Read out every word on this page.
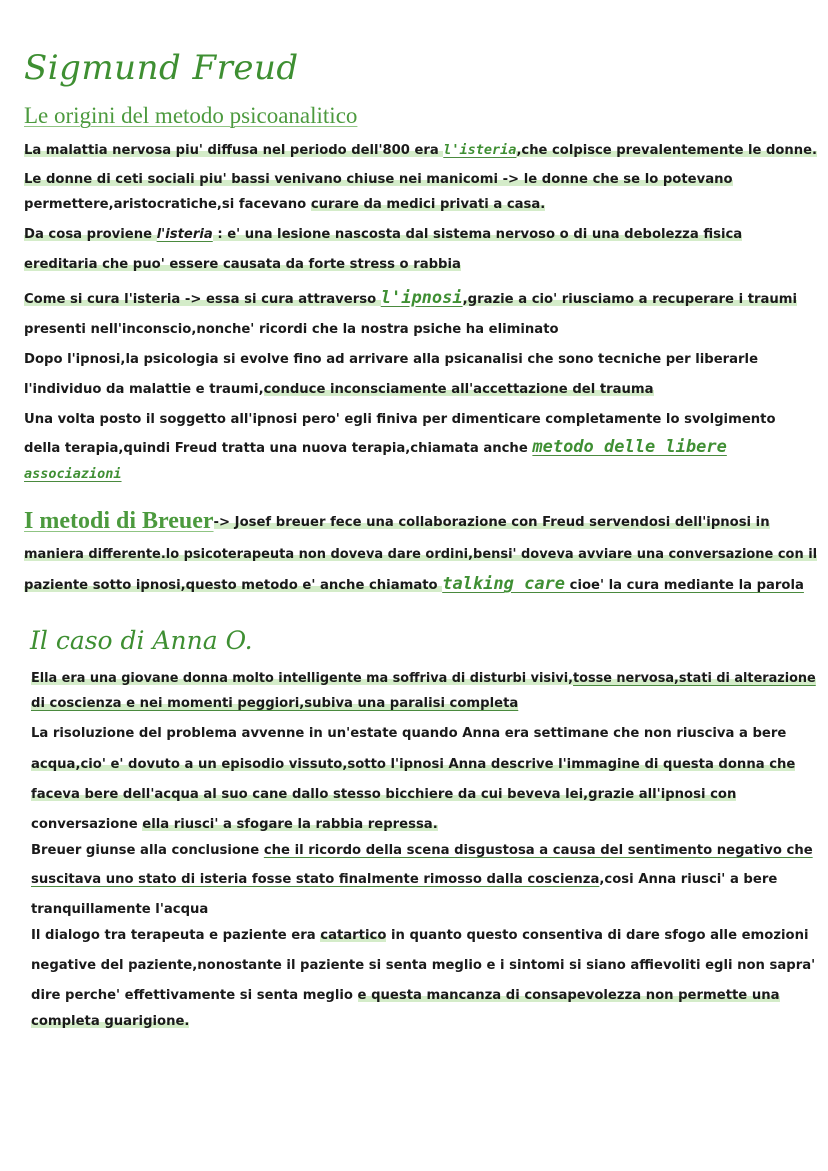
Sigmund Freud
Le origini del metodo psicoanalitico
La malattia nervosa piu' diffusa nel periodo dell'800 era l'isteria,che colpisce prevalentemente le donne.
Le donne di ceti sociali piu' bassi venivano chiuse nei manicomi -> le donne che se lo potevano
permettere,aristocratiche,si facevano curare da medici privati a casa.
Da cosa proviene l'isteria : e' una lesione nascosta dal sistema nervoso o di una debolezza fisica
ereditaria che puo' essere causata da forte stress o rabbia
Come si cura l'isteria -> essa si cura attraverso l'ipnosi,grazie a cio' riusciamo a recuperare i traumi
presenti nell'inconscio,nonche' ricordi che la nostra psiche ha eliminato
Dopo l'ipnosi,la psicologia si evolve fino ad arrivare alla psicanalisi che sono tecniche per liberarle
l'individuo da malattie e traumi,conduce inconsciamente all'accettazione del trauma
Una volta posto il soggetto all'ipnosi pero' egli finiva per dimenticare completamente lo svolgimento
della terapia,quindi Freud tratta una nuova terapia,chiamata anche metodo delle libere
associazioni
I metodi di Breuer-> Josef breuer fece una collaborazione con Freud servendosi dell'ipnosi in
maniera differente.lo psicoterapeuta non doveva dare ordini,bensi' doveva avviare una conversazione con il
paziente sotto ipnosi,questo metodo e' anche chiamato talking care cioe' la cura mediante la parola
Il caso di Anna O.
Ella era una giovane donna molto intelligente ma soffriva di disturbi visivi,tosse nervosa,stati di alterazione
di coscienza e nei momenti peggiori,subiva una paralisi completa
La risoluzione del problema avvenne in un'estate quando Anna era settimane che non riusciva a bere
acqua,cio' e' dovuto a un episodio vissuto,sotto l'ipnosi Anna descrive l'immagine di questa donna che
faceva bere dell'acqua al suo cane dallo stesso bicchiere da cui beveva lei,grazie all'ipnosi con
conversazione ella riusci' a sfogare la rabbia repressa.
Breuer giunse alla conclusione che il ricordo della scena disgustosa a causa del sentimento negativo che
suscitava uno stato di isteria fosse stato finalmente rimosso dalla coscienza,cosi Anna riusci' a bere
tranquillamente l'acqua
Il dialogo tra terapeuta e paziente era catartico in quanto questo consentiva di dare sfogo alle emozioni
negative del paziente,nonostante il paziente si senta meglio e i sintomi si siano affievoliti egli non sapra'
dire perche' effettivamente si senta meglio e questa mancanza di consapevolezza non permette una
completa guarigione.
